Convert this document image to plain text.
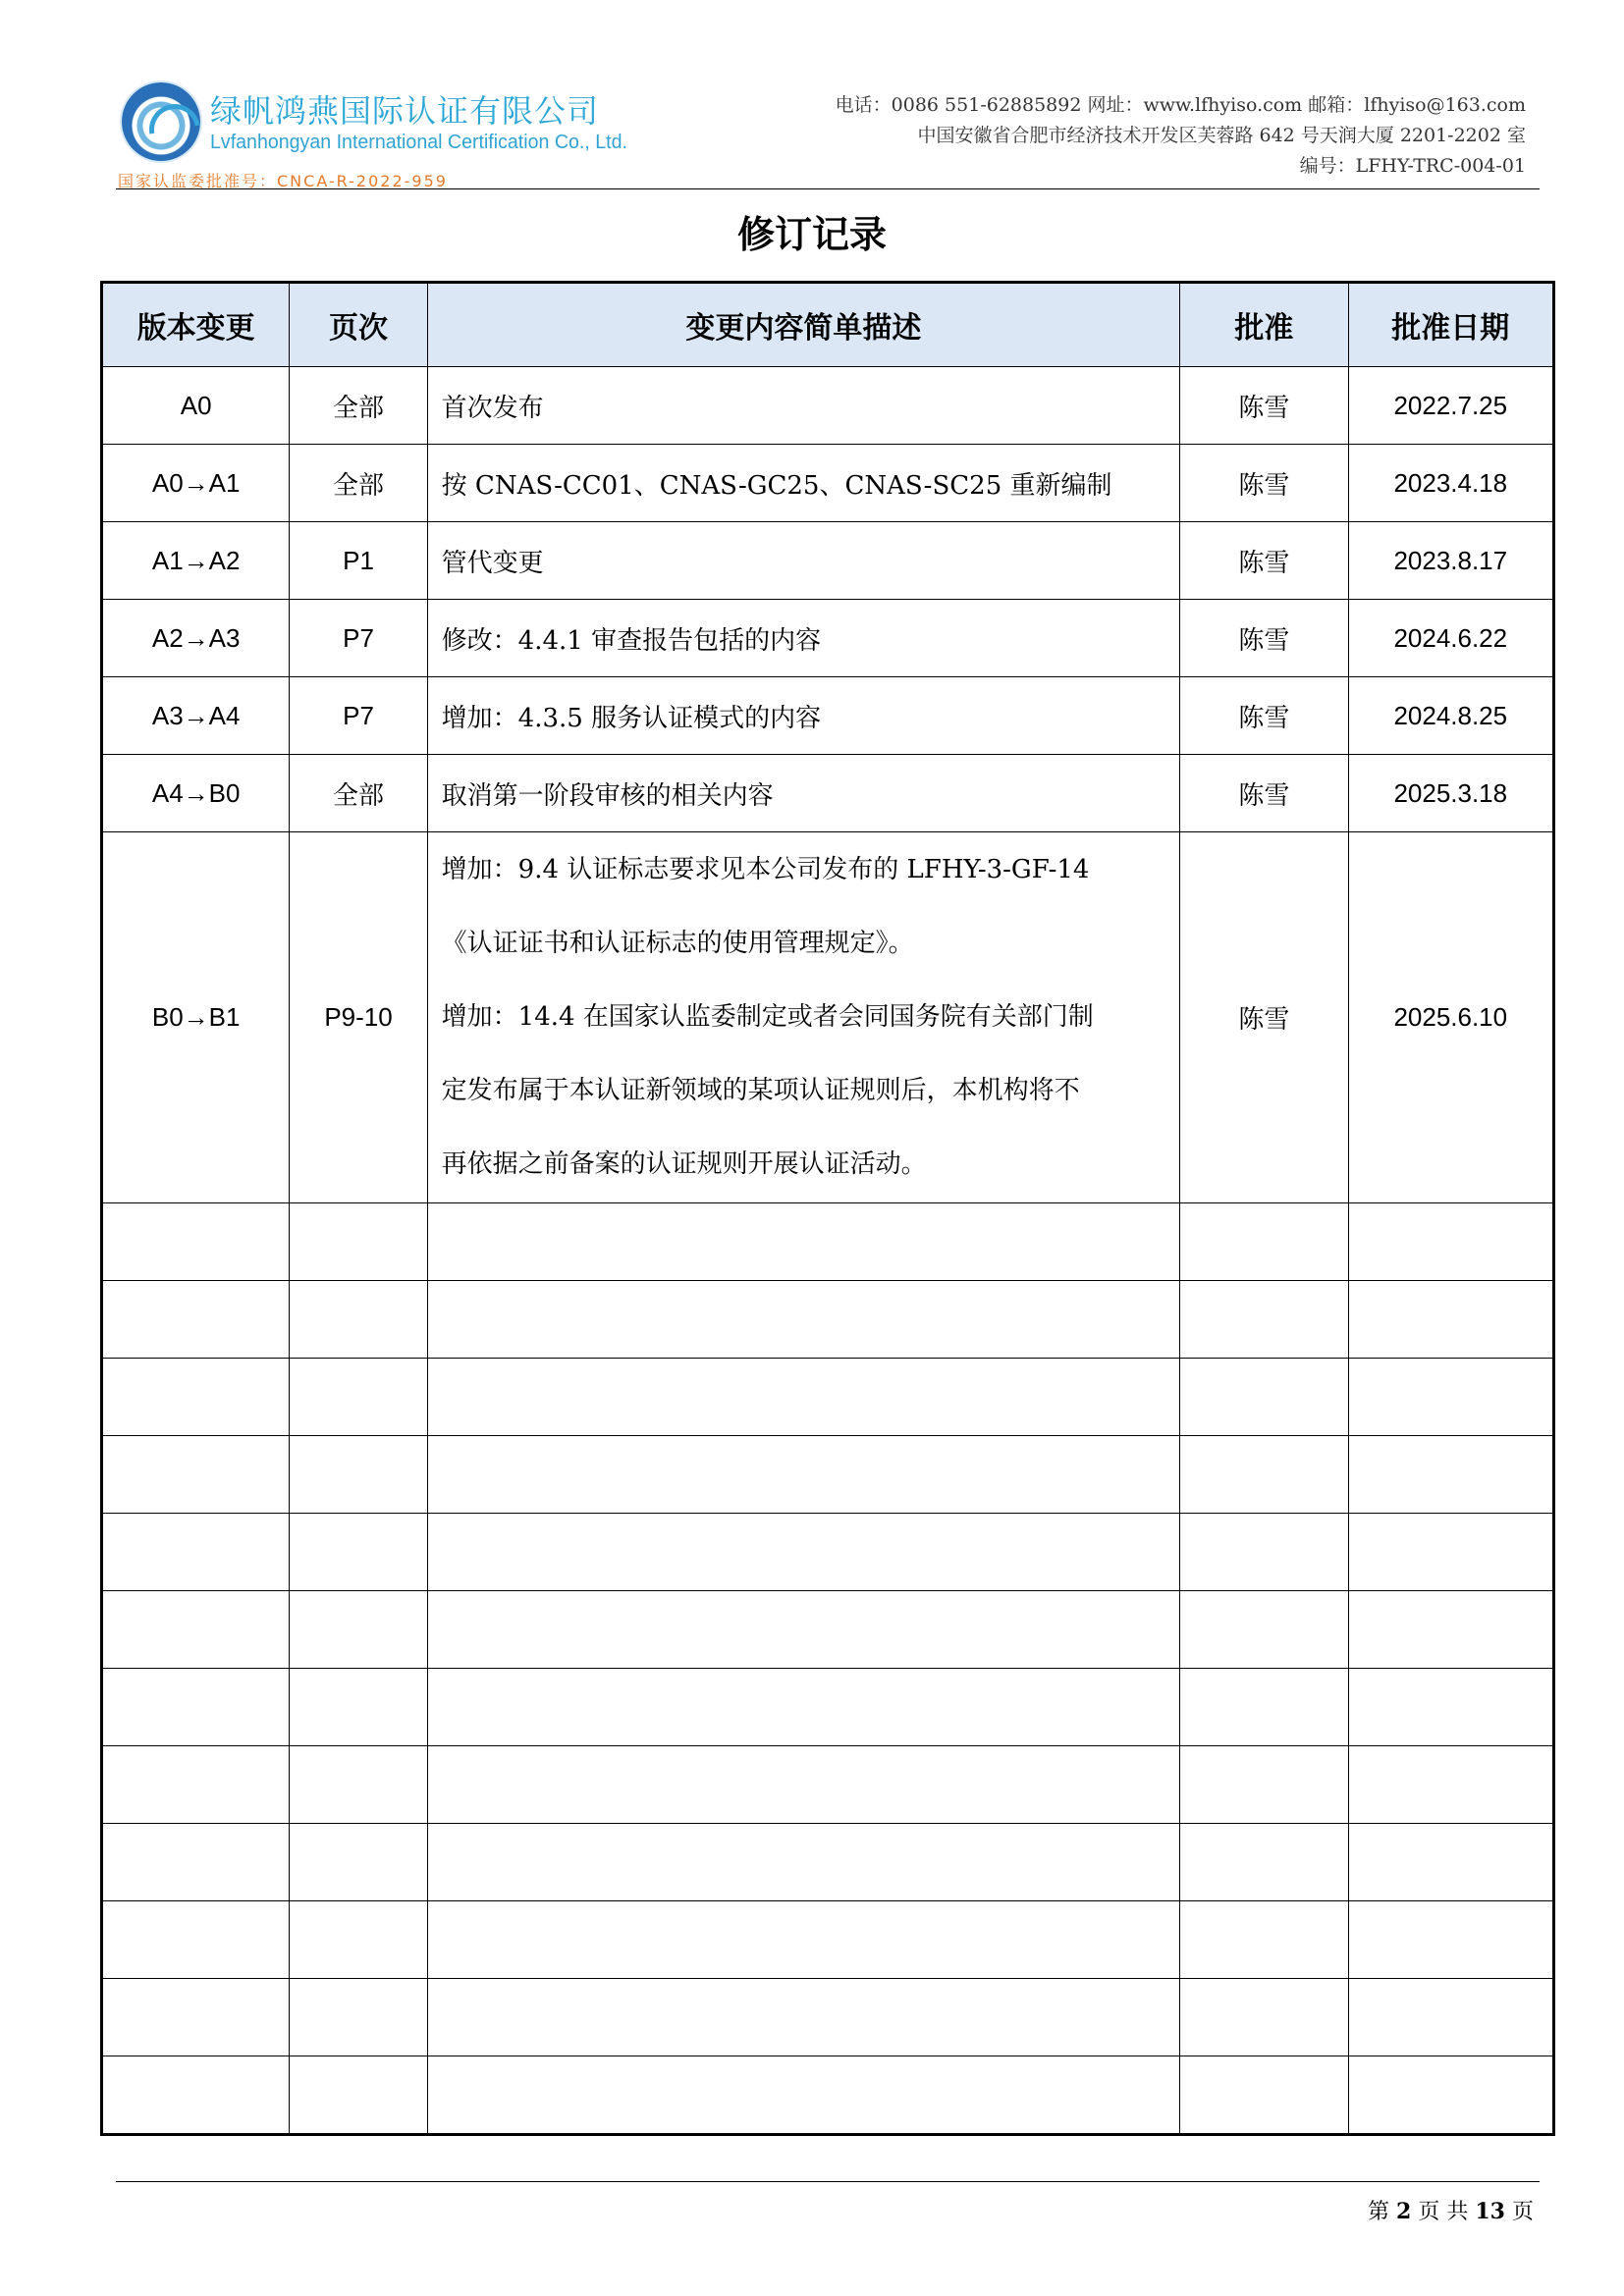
绿帆鸿燕国际认证有限公司
Lvfanhongyan International Certification Co., Ltd.
国家认监委批准号：CNCA-R-2022-959
电话：0086 551-62885892 网址：www.lfhyiso.com 邮箱：lfhyiso@163.com
中国安徽省合肥市经济技术开发区芙蓉路 642 号天润大厦 2201-2202 室
编号：LFHY-TRC-004-01
修订记录
版本变更	页次	变更内容简单描述	批准	批准日期
A0	全部	首次发布	陈雪	2022.7.25
A0→A1	全部	按 CNAS-CC01、CNAS-GC25、CNAS-SC25 重新编制	陈雪	2023.4.18
A1→A2	P1	管代变更	陈雪	2023.8.17
A2→A3	P7	修改：4.4.1 审查报告包括的内容	陈雪	2024.6.22
A3→A4	P7	增加：4.3.5 服务认证模式的内容	陈雪	2024.8.25
A4→B0	全部	取消第一阶段审核的相关内容	陈雪	2025.3.18
B0→B1	P9-10	增加：9.4 认证标志要求见本公司发布的 LFHY-3-GF-14
《认证证书和认证标志的使用管理规定》。
增加：14.4 在国家认监委制定或者会同国务院有关部门制
定发布属于本认证新领域的某项认证规则后，本机构将不
再依据之前备案的认证规则开展认证活动。	陈雪	2025.6.10

第 2 页 共 13 页
